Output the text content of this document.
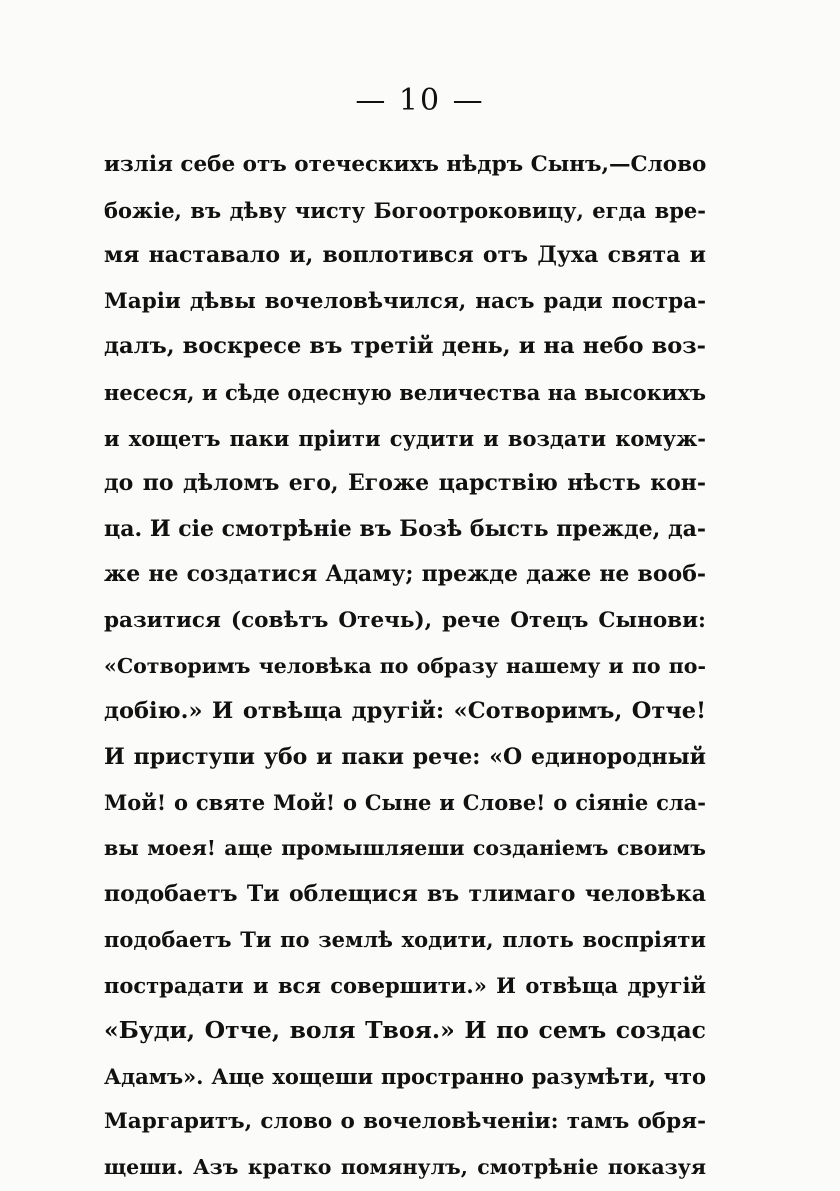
— 10 —
излія себе отъ отеческихъ нѣдръ Сынъ,—Слово
божіе, въ дѣву чисту Богоотроковицу, егда вре-
мя наставало и, воплотився отъ Духа свята и
Маріи дѣвы вочеловѣчился, насъ ради пострa-
далъ, воскресе въ третій день, и на небо воз-
несеся, и сѣде одесную величества на высокихъ
и хощетъ паки пріити судити и воздати комуж-
до по дѣломъ его, Егоже царствію нѣсть кон-
ца. И сіе смотрѣніе въ Бозѣ бысть прежде, да-
же не создатися Адаму; прежде даже не вооб-
разитися (совѣтъ Отечь), рече Отецъ Сынови:
«Сотворимъ человѣка по образу нашему и по по-
добію.» И отвѣща другій: «Сотворимъ, Отче!
И приступи убо и паки рече: «О единородный
Мой! о святе Мой! о Сыне и Слове! о сіяніе сла-
вы моея! аще промышляеши созданіемъ своимъ
подобаетъ Ти облещися въ тлимаго человѣка
подобаетъ Ти по землѣ ходити, плоть воспріяти
пострадати и вся совершити.» И отвѣща другій
«Буди, Отче, воля Твоя.» И по семъ создас
Адамъ». Аще хощеши пространно разумѣти, что
Маргаритъ, слово о вочеловѣченіи: тамъ обря-
щеши. Азъ кратко помянулъ, смотрѣніе показуя
